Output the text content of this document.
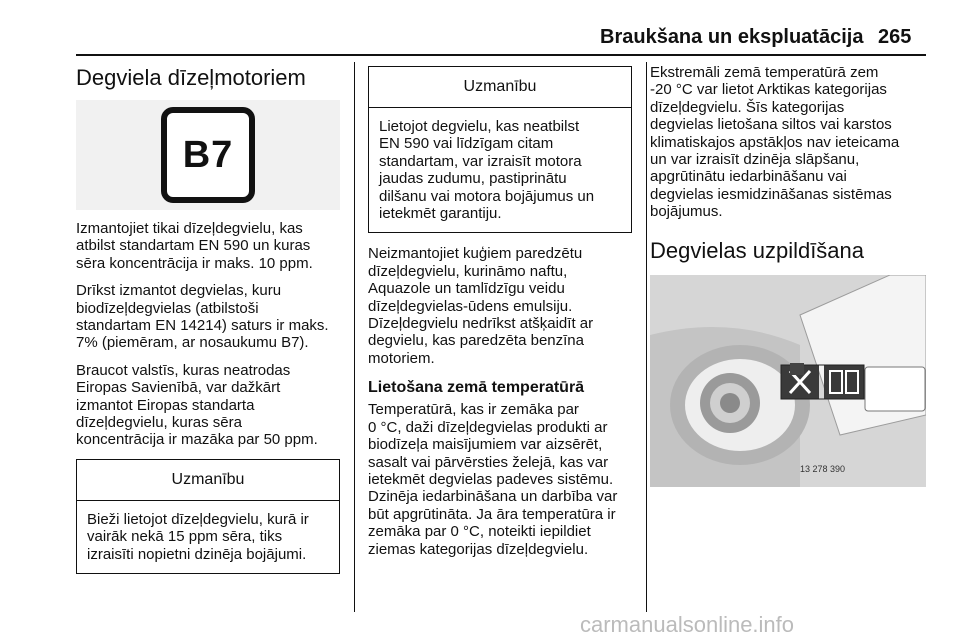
Braukšana un ekspluatācija 265
Degviela dīzeļmotoriem
B7

Izmantojiet tikai dīzeļdegvielu, kas
atbilst standartam EN 590 un kuras
sēra koncentrācija ir maks. 10 ppm.

Drīkst izmantot degvielas, kuru
biodīzeļdegvielas (atbilstoši
standartam EN 14214) saturs ir maks.
7% (piemēram, ar nosaukumu B7).

Braucot valstīs, kuras neatrodas
Eiropas Savienībā, var dažkārt
izmantot Eiropas standarta
dīzeļdegvielu, kuras sēra
koncentrācija ir mazāka par 50 ppm.

Uzmanību
Bieži lietojot dīzeļdegvielu, kurā ir
vairāk nekā 15 ppm sēra, tiks
izraisīti nopietni dzinēja bojājumi.
Uzmanību
Lietojot degvielu, kas neatbilst
EN 590 vai līdzīgam citam
standartam, var izraisīt motora
jaudas zudumu, pastiprinātu
dilšanu vai motora bojājumus un
ietekmēt garantiju.

Neizmantojiet kuģiem paredzētu
dīzeļdegvielu, kurināmo naftu,
Aquazole un tamlīdzīgu veidu
dīzeļdegvielas-ūdens emulsiju.
Dīzeļdegvielu nedrīkst atšķaidīt ar
degvielu, kas paredzēta benzīna
motoriem.

Lietošana zemā temperatūrā

Temperatūrā, kas ir zemāka par
0 °C, daži dīzeļdegvielas produkti ar
biodīzeļa maisījumiem var aizsērēt,
sasalt vai pārvērsties želejā, kas var
ietekmēt degvielas padeves sistēmu.
Dzinēja iedarbināšana un darbība var
būt apgrūtināta. Ja āra temperatūra ir
zemāka par 0 °C, noteikti iepildiet
ziemas kategorijas dīzeļdegvielu.

Ekstremāli zemā temperatūrā zem
-20 °C var lietot Arktikas kategorijas
dīzeļdegvielu. Šīs kategorijas
degvielas lietošana siltos vai karstos
klimatiskajos apstākļos nav ieteicama
un var izraisīt dzinēja slāpšanu,
apgrūtinātu iedarbināšanu vai
degvielas iesmidzināšanas sistēmas
bojājumus.

Degvielas uzpildīšana
13 278 390
carmanualsonline.info
